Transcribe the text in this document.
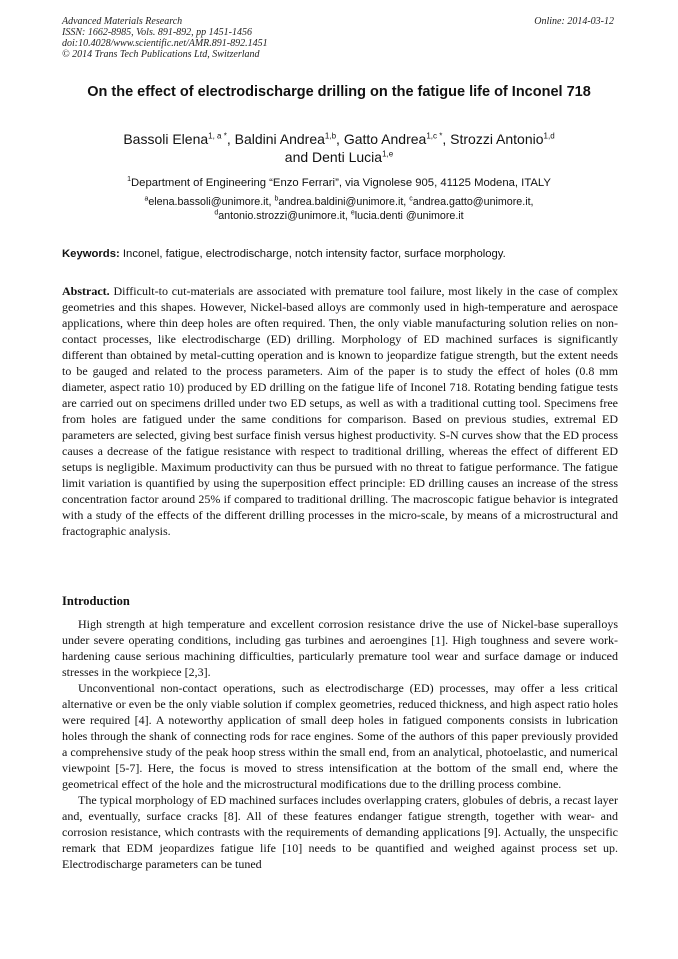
Advanced Materials Research
ISSN: 1662-8985, Vols. 891-892, pp 1451-1456
doi:10.4028/www.scientific.net/AMR.891-892.1451
© 2014 Trans Tech Publications Ltd, Switzerland
Online: 2014-03-12
On the effect of electrodischarge drilling on the fatigue life of Inconel 718
Bassoli Elena$^{1, a *}$, Baldini Andrea$^{1,b}$, Gatto Andrea$^{1,c *}$, Strozzi Antonio$^{1,d}$
and Denti Lucia$^{1,e}$
$^1$Department of Engineering “Enzo Ferrari”, via Vignolese 905, 41125 Modena, ITALY
$^a$elena.bassoli@unimore.it, $^b$andrea.baldini@unimore.it, $^c$andrea.gatto@unimore.it,
$^d$antonio.strozzi@unimore.it, $^e$lucia.denti @unimore.it
Keywords: Inconel, fatigue, electrodischarge, notch intensity factor, surface morphology.
Abstract. Difficult-to cut-materials are associated with premature tool failure, most likely in the case of complex geometries and this shapes. However, Nickel-based alloys are commonly used in high-temperature and aerospace applications, where thin deep holes are often required. Then, the only viable manufacturing solution relies on non-contact processes, like electrodischarge (ED) drilling. Morphology of ED machined surfaces is significantly different than obtained by metal-cutting operation and is known to jeopardize fatigue strength, but the extent needs to be gauged and related to the process parameters. Aim of the paper is to study the effect of holes (0.8 mm diameter, aspect ratio 10) produced by ED drilling on the fatigue life of Inconel 718. Rotating bending fatigue tests are carried out on specimens drilled under two ED setups, as well as with a traditional cutting tool. Specimens free from holes are fatigued under the same conditions for comparison. Based on previous studies, extremal ED parameters are selected, giving best surface finish versus highest productivity. S-N curves show that the ED process causes a decrease of the fatigue resistance with respect to traditional drilling, whereas the effect of different ED setups is negligible. Maximum productivity can thus be pursued with no threat to fatigue performance. The fatigue limit variation is quantified by using the superposition effect principle: ED drilling causes an increase of the stress concentration factor around 25% if compared to traditional drilling. The macroscopic fatigue behavior is integrated with a study of the effects of the different drilling processes in the micro-scale, by means of a microstructural and fractographic analysis.
Introduction

High strength at high temperature and excellent corrosion resistance drive the use of Nickel-base superalloys under severe operating conditions, including gas turbines and aeroengines [1]. High toughness and severe work-hardening cause serious machining difficulties, particularly premature tool wear and surface damage or induced stresses in the workpiece [2,3].

Unconventional non-contact operations, such as electrodischarge (ED) processes, may offer a less critical alternative or even be the only viable solution if complex geometries, reduced thickness, and high aspect ratio holes were required [4]. A noteworthy application of small deep holes in fatigued components consists in lubrication holes through the shank of connecting rods for race engines. Some of the authors of this paper previously provided a comprehensive study of the peak hoop stress within the small end, from an analytical, photoelastic, and numerical viewpoint [5-7]. Here, the focus is moved to stress intensification at the bottom of the small end, where the geometrical effect of the hole and the microstructural modifications due to the drilling process combine.

The typical morphology of ED machined surfaces includes overlapping craters, globules of debris, a recast layer and, eventually, surface cracks [8]. All of these features endanger fatigue strength, together with wear- and corrosion resistance, which contrasts with the requirements of demanding applications [9]. Actually, the unspecific remark that EDM jeopardizes fatigue life [10] needs to be quantified and weighed against process set up. Electrodischarge parameters can be tuned
